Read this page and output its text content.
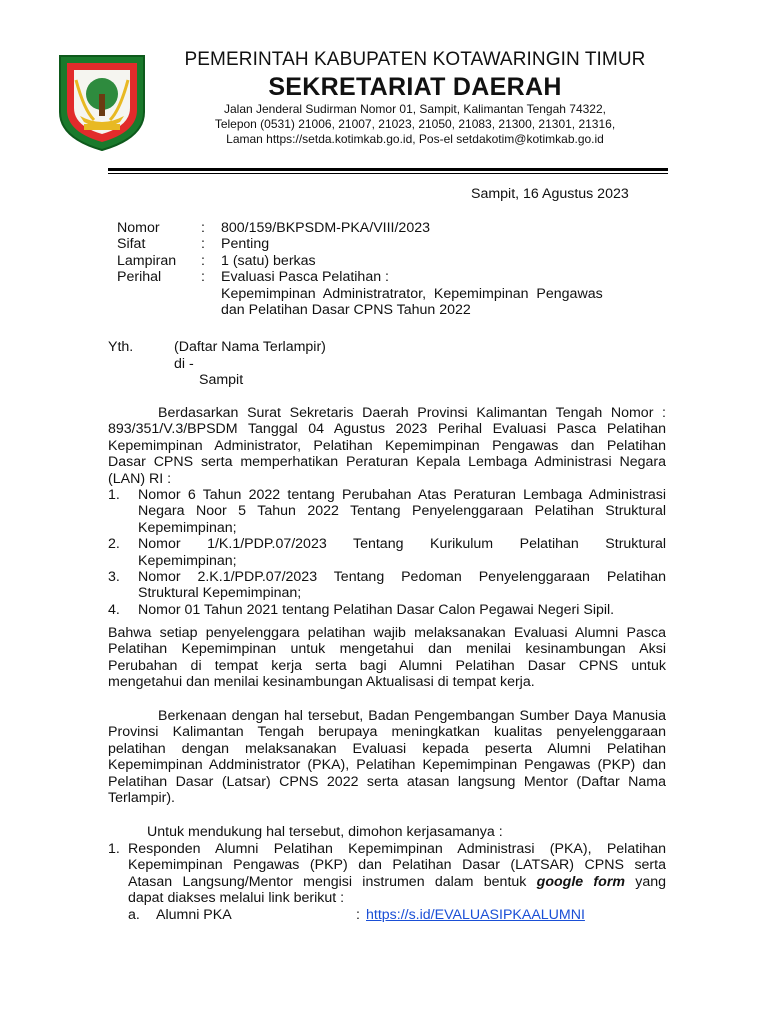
PEMERINTAH KABUPATEN KOTAWARINGIN TIMUR
SEKRETARIAT DAERAH
Jalan Jenderal Sudirman Nomor 01, Sampit, Kalimantan Tengah 74322,
Telepon (0531) 21006, 21007, 21023, 21050, 21083, 21300, 21301, 21316,
Laman https://setda.kotimkab.go.id, Pos-el setdakotim@kotimkab.go.id
Sampit, 16 Agustus 2023
Nomor	:	800/159/BKPSDM-PKA/VIII/2023
Sifat	:	Penting
Lampiran	:	1 (satu) berkas
Perihal	:	Evaluasi Pasca Pelatihan :
Kepemimpinan  Administratrator,  Kepemimpinan  Pengawas
dan Pelatihan Dasar CPNS Tahun 2022
Yth.	(Daftar Nama Terlampir)
di -
Sampit
Berdasarkan Surat Sekretaris Daerah Provinsi Kalimantan Tengah Nomor :
893/351/V.3/BPSDM Tanggal 04 Agustus 2023 Perihal Evaluasi Pasca Pelatihan
Kepemimpinan Administrator, Pelatihan Kepemimpinan Pengawas dan Pelatihan
Dasar CPNS serta memperhatikan Peraturan Kepala Lembaga Administrasi Negara
(LAN) RI :
1.	Nomor 6 Tahun 2022 tentang Perubahan Atas Peraturan Lembaga Administrasi
Negara Noor 5 Tahun 2022 Tentang Penyelenggaraan Pelatihan Struktural
Kepemimpinan;
2.	Nomor 1/K.1/PDP.07/2023 Tentang Kurikulum Pelatihan Struktural
Kepemimpinan;
3.	Nomor 2.K.1/PDP.07/2023 Tentang Pedoman Penyelenggaraan Pelatihan
Struktural Kepemimpinan;
4.	Nomor 01 Tahun 2021 tentang Pelatihan Dasar Calon Pegawai Negeri Sipil.
Bahwa setiap penyelenggara pelatihan wajib melaksanakan Evaluasi Alumni Pasca
Pelatihan Kepemimpinan untuk mengetahui dan menilai kesinambungan Aksi
Perubahan di tempat kerja serta bagi Alumni Pelatihan Dasar CPNS untuk
mengetahui dan menilai kesinambungan Aktualisasi di tempat kerja.
Berkenaan dengan hal tersebut, Badan Pengembangan Sumber Daya Manusia
Provinsi Kalimantan Tengah berupaya meningkatkan kualitas penyelenggaraan
pelatihan dengan melaksanakan Evaluasi kepada peserta Alumni Pelatihan
Kepemimpinan Addministrator (PKA), Pelatihan Kepemimpinan Pengawas (PKP) dan
Pelatihan Dasar (Latsar) CPNS 2022 serta atasan langsung Mentor (Daftar Nama
Terlampir).
Untuk mendukung hal tersebut, dimohon kerjasamanya :
1. Responden Alumni Pelatihan Kepemimpinan Administrasi (PKA), Pelatihan
Kepemimpinan Pengawas (PKP) dan Pelatihan Dasar (LATSAR) CPNS serta
Atasan Langsung/Mentor mengisi instrumen dalam bentuk google form yang
dapat diakses melalui link berikut :
a. Alumni PKA	: https://s.id/EVALUASIPKAALUMNI
